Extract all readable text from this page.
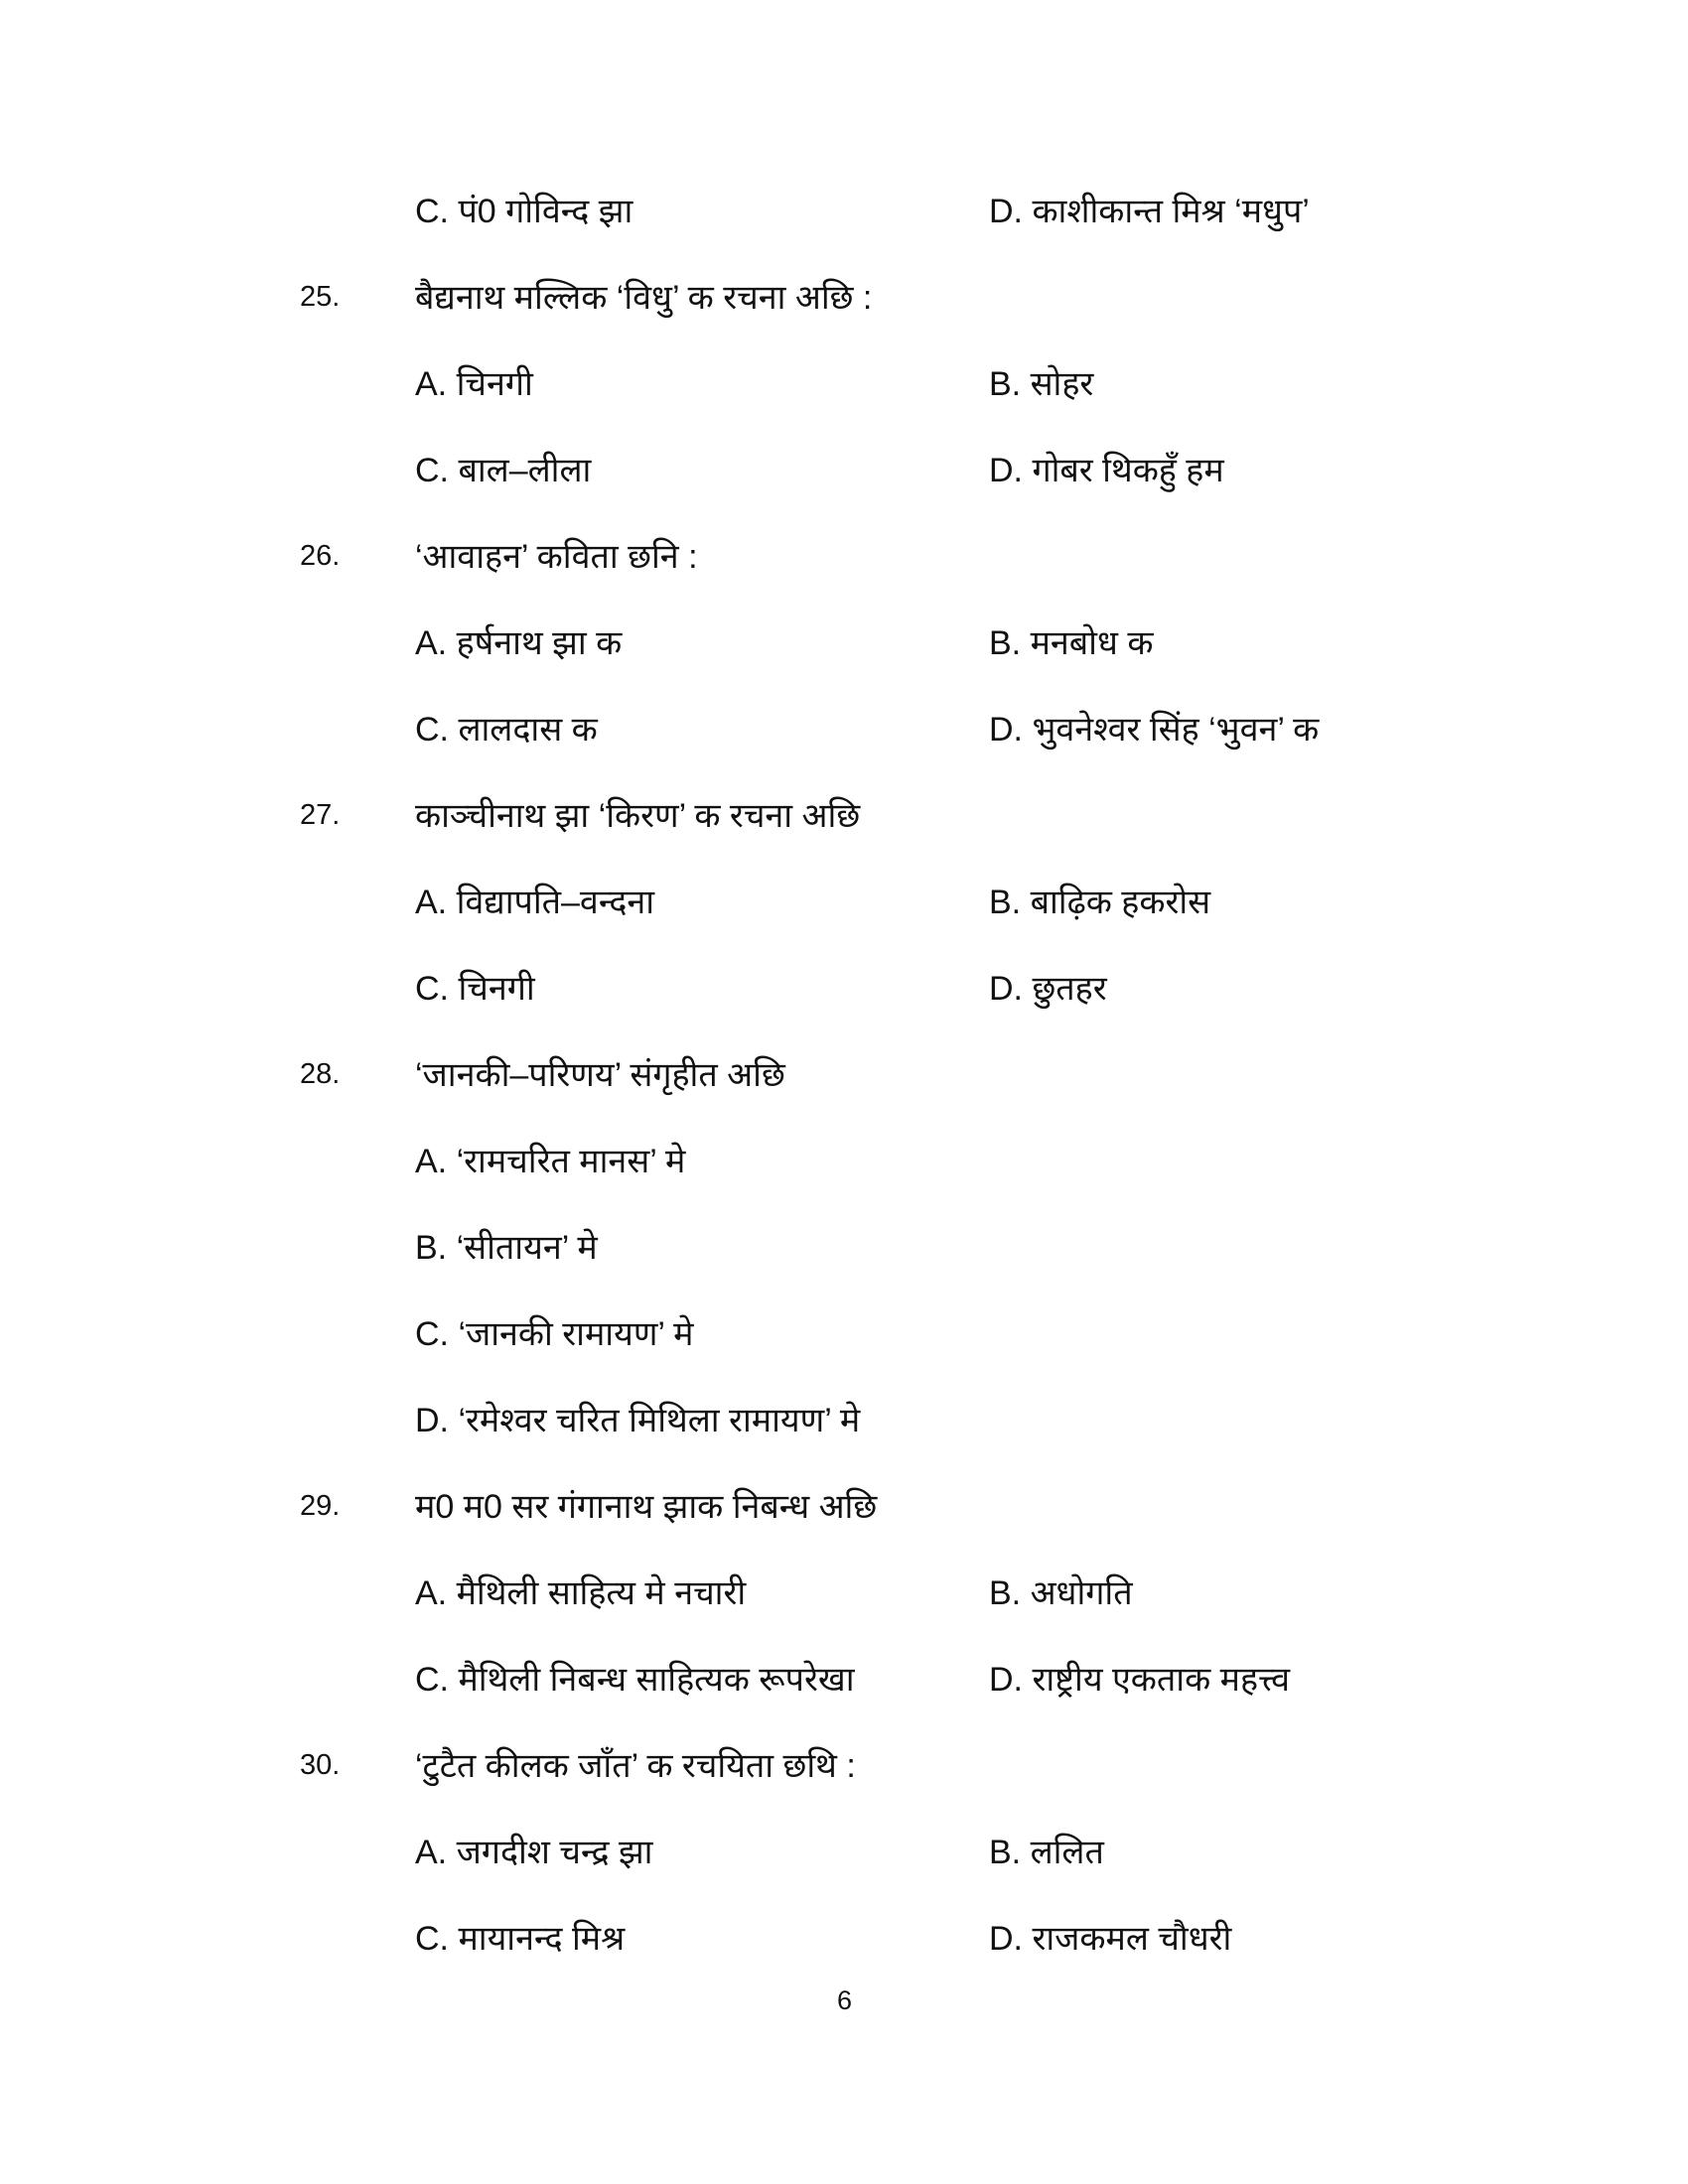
C. पं0 गोविन्द झा	D. काशीकान्त मिश्र ‘मधुप’
25. बैद्यनाथ मल्लिक ‘विधु’ क रचना अछि :
A. चिनगी	B. सोहर
C. बाल–लीला	D. गोबर थिकहुँ हम
26. ‘आवाहन’ कविता छनि :
A. हर्षनाथ झा क	B. मनबोध क
C. लालदास क	D. भुवनेश्वर सिंह ‘भुवन’ क
27. काञ्चीनाथ झा ‘किरण’ क रचना अछि
A. विद्यापति–वन्दना	B. बाढ़िक हकरोस
C. चिनगी	D. छुतहर
28. ‘जानकी–परिणय’ संगृहीत अछि
A. ‘रामचरित मानस’ मे
B. ‘सीतायन’ मे
C. ‘जानकी रामायण’ मे
D. ‘रमेश्वर चरित मिथिला रामायण’ मे
29. म0 म0 सर गंगानाथ झाक निबन्ध अछि
A. मैथिली साहित्य मे नचारी	B. अधोगति
C. मैथिली निबन्ध साहित्यक रूपरेखा	D. राष्ट्रीय एकताक महत्त्व
30. ‘टुटैत कीलक जाँत’ क रचयिता छथि :
A. जगदीश चन्द्र झा	B. ललित
C. मायानन्द मिश्र	D. राजकमल चौधरी
6
